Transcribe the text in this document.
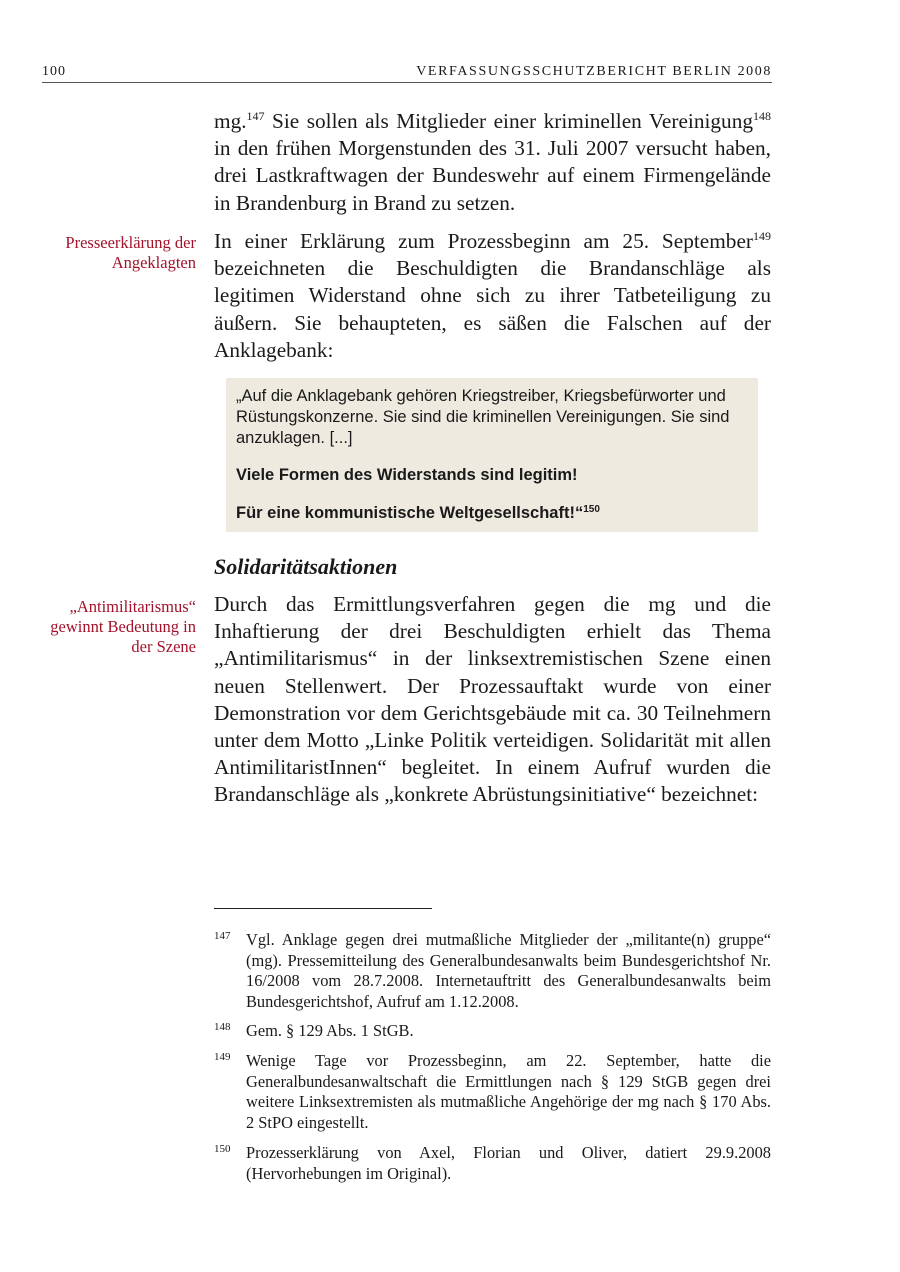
100	VERFASSUNGSSCHUTZBERICHT BERLIN 2008

mg.$^{147}$ Sie sollen als Mitglieder einer kriminellen Vereinigung$^{148}$ in den frühen Morgenstunden des 31. Juli 2007 versucht haben, drei Lastkraftwagen der Bundeswehr auf einem Firmengelände in Brandenburg in Brand zu setzen.

Presseerklärung der Angeklagten

In einer Erklärung zum Prozessbeginn am 25. September$^{149}$ bezeichneten die Beschuldigten die Brandanschläge als legitimen Widerstand ohne sich zu ihrer Tatbeteiligung zu äußern. Sie behaupteten, es säßen die Falschen auf der Anklagebank:

„Auf die Anklagebank gehören Kriegstreiber, Kriegsbefürworter und Rüstungskonzerne. Sie sind die kriminellen Vereinigungen. Sie sind anzuklagen. [...]

Viele Formen des Widerstands sind legitim!

Für eine kommunistische Weltgesellschaft!“$^{150}$

Solidaritätsaktionen
„Antimilitarismus“ gewinnt Bedeutung in der Szene

Durch das Ermittlungsverfahren gegen die mg und die Inhaftierung der drei Beschuldigten erhielt das Thema „Antimilitarismus“ in der linksextremistischen Szene einen neuen Stellenwert. Der Prozessauftakt wurde von einer Demonstration vor dem Gerichtsgebäude mit ca. 30 Teilnehmern unter dem Motto „Linke Politik verteidigen. Solidarität mit allen AntimilitaristInnen“ begleitet. In einem Aufruf wurden die Brandanschläge als „konkrete Abrüstungsinitiative“ bezeichnet:

147 Vgl. Anklage gegen drei mutmaßliche Mitglieder der „militante(n) gruppe“ (mg). Pressemitteilung des Generalbundesanwalts beim Bundesgerichtshof Nr. 16/2008 vom 28.7.2008. Internetauftritt des Generalbundesanwalts beim Bundesgerichtshof, Aufruf am 1.12.2008.
148 Gem. § 129 Abs. 1 StGB.
149 Wenige Tage vor Prozessbeginn, am 22. September, hatte die Generalbundesanwaltschaft die Ermittlungen nach § 129 StGB gegen drei weitere Linksextremisten als mutmaßliche Angehörige der mg nach § 170 Abs. 2 StPO eingestellt.
150 Prozesserklärung von Axel, Florian und Oliver, datiert 29.9.2008 (Hervorhebungen im Original).
